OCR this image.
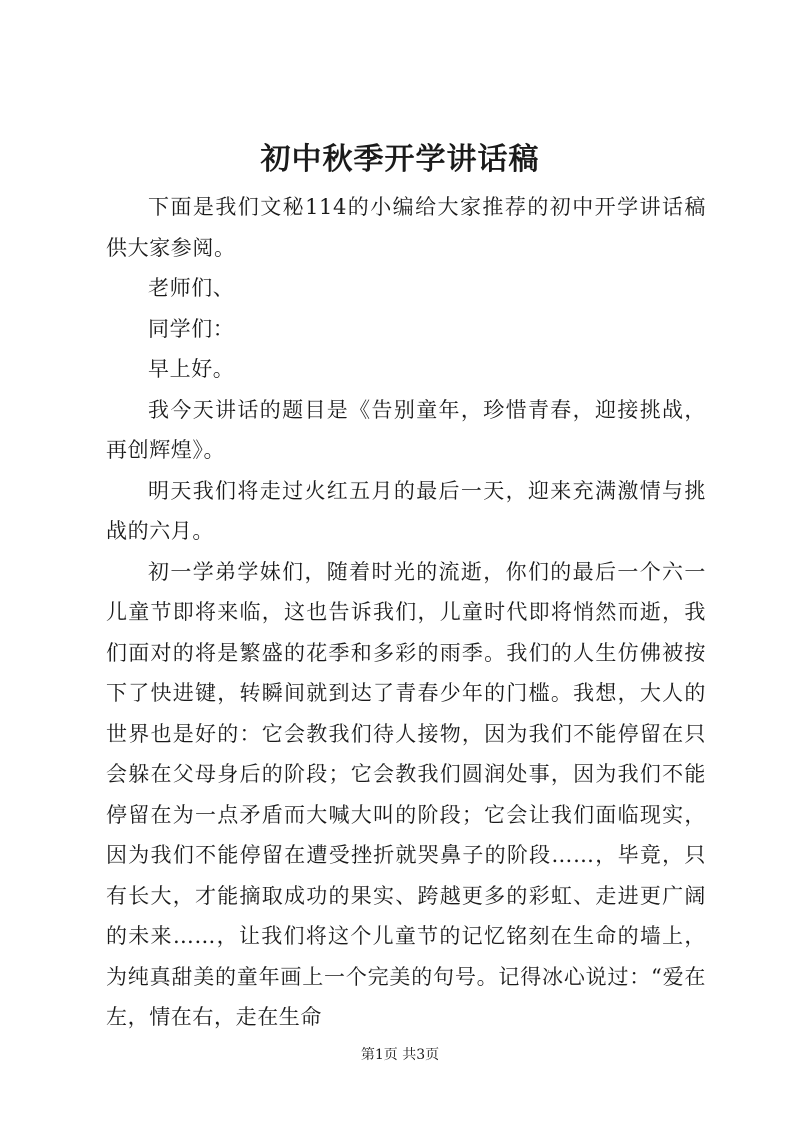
初中秋季开学讲话稿

下面是我们文秘114的小编给大家推荐的初中开学讲话稿供大家参阅。

老师们、

同学们：

早上好。

我今天讲话的题目是《告别童年，珍惜青春，迎接挑战，再创辉煌》。

明天我们将走过火红五月的最后一天，迎来充满激情与挑战的六月。

初一学弟学妹们，随着时光的流逝，你们的最后一个六一儿童节即将来临，这也告诉我们，儿童时代即将悄然而逝，我们面对的将是繁盛的花季和多彩的雨季。我们的人生仿佛被按下了快进键，转瞬间就到达了青春少年的门槛。我想，大人的世界也是好的：它会教我们待人接物，因为我们不能停留在只会躲在父母身后的阶段；它会教我们圆润处事，因为我们不能停留在为一点矛盾而大喊大叫的阶段；它会让我们面临现实，因为我们不能停留在遭受挫折就哭鼻子的阶段……，毕竟，只有长大，才能摘取成功的果实、跨越更多的彩虹、走进更广阔的未来……，让我们将这个儿童节的记忆铭刻在生命的墙上，为纯真甜美的童年画上一个完美的句号。记得冰心说过：“爱在左，情在右，走在生命

第1页 共3页
